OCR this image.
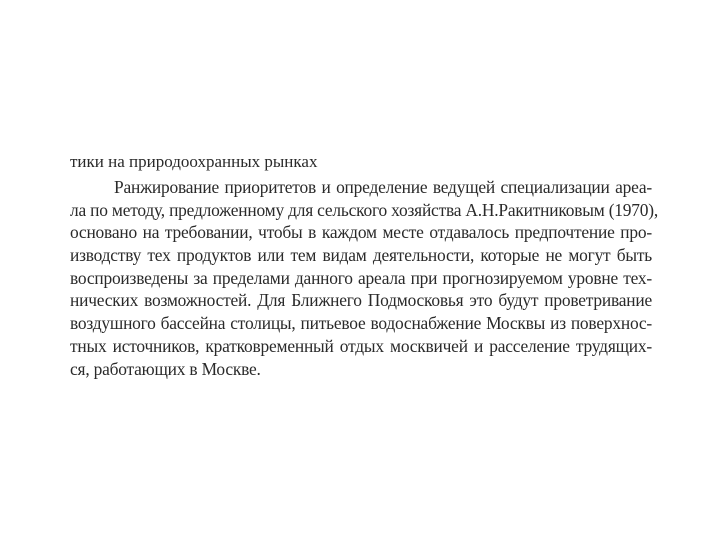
тики на природоохранных рынках
Ранжирование приоритетов и определение ведущей специализации ареа-
ла по методу, предложенному для сельского хозяйства А.Н.Ракитниковым (1970),
основано на требовании, чтобы в каждом месте отдавалось предпочтение про-
изводству тех продуктов или тем видам деятельности, которые не могут быть
воспроизведены за пределами данного ареала при прогнозируемом уровне тех-
нических возможностей. Для Ближнего Подмосковья это будут проветривание
воздушного бассейна столицы, питьевое водоснабжение Москвы из поверхнос-
тных источников, кратковременный отдых москвичей и расселение трудящих-
ся, работающих в Москве.
